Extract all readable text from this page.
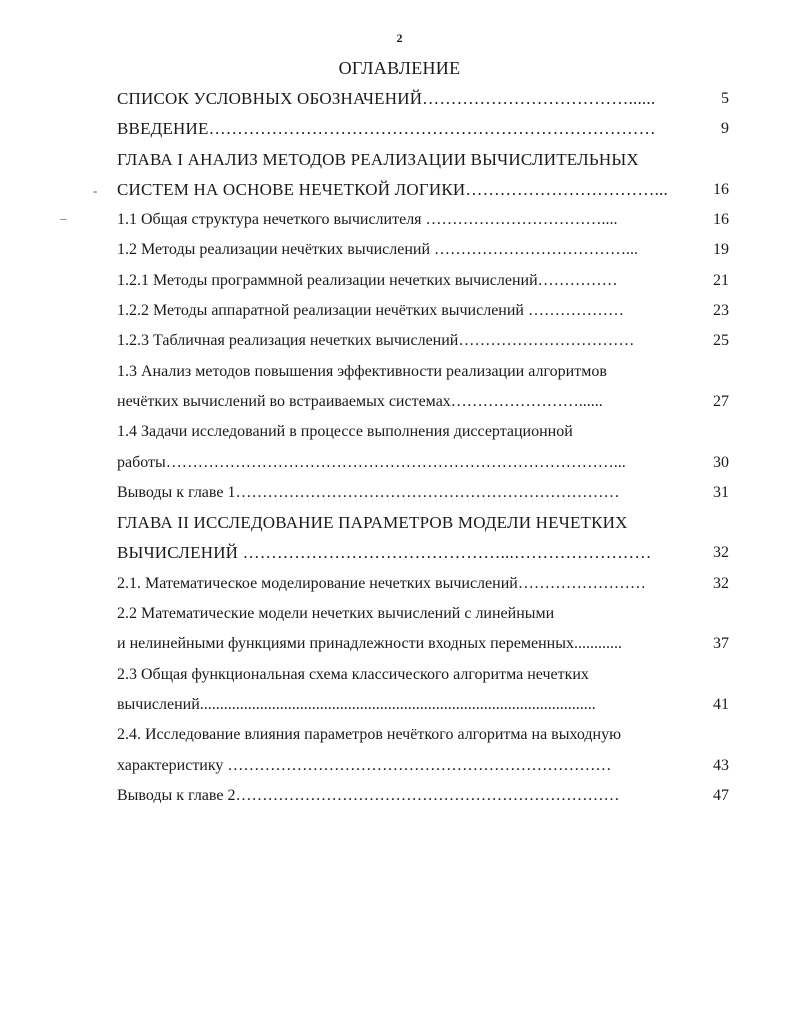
2
ОГЛАВЛЕНИЕ
-
_
СПИСОК УСЛОВНЫХ ОБОЗНАЧЕНИЙ………………………………......	5
ВВЕДЕНИЕ……………………………………………………………………	9
ГЛАВА I АНАЛИЗ МЕТОДОВ РЕАЛИЗАЦИИ ВЫЧИСЛИТЕЛЬНЫХ
СИСТЕМ НА ОСНОВЕ НЕЧЕТКОЙ ЛОГИКИ……………………………...	16
1.1 Общая структура нечеткого вычислителя ……………………………....	16
1.2 Методы реализации нечётких вычислений ………………………………...	19
1.2.1 Методы программной реализации нечетких вычислений……………	21
1.2.2 Методы аппаратной реализации нечётких вычислений ………………	23
1.2.3 Табличная реализация нечетких вычислений……………………………	25
1.3 Анализ методов повышения эффективности реализации алгоритмов
нечётких вычислений во встраиваемых системах……………………......	27
1.4 Задачи исследований в процессе выполнения диссертационной
работы…………………………………………………………………………...	30
Выводы к главе 1………………………………………………………………	31
ГЛАВА II ИССЛЕДОВАНИЕ ПАРАМЕТРОВ МОДЕЛИ НЕЧЕТКИХ
ВЫЧИСЛЕНИЙ ………………………………………...……………………	32
2.1. Математическое моделирование нечетких вычислений……………………	32
2.2 Математические модели нечетких вычислений с линейными
и нелинейными функциями принадлежности входных переменных............	37
2.3 Общая функциональная схема классического алгоритма нечетких
вычислений...................................................................................................	41
2.4. Исследование влияния параметров нечёткого алгоритма на выходную
характеристику ………………………………………………………………	43
Выводы к главе 2………………………………………………………………	47
